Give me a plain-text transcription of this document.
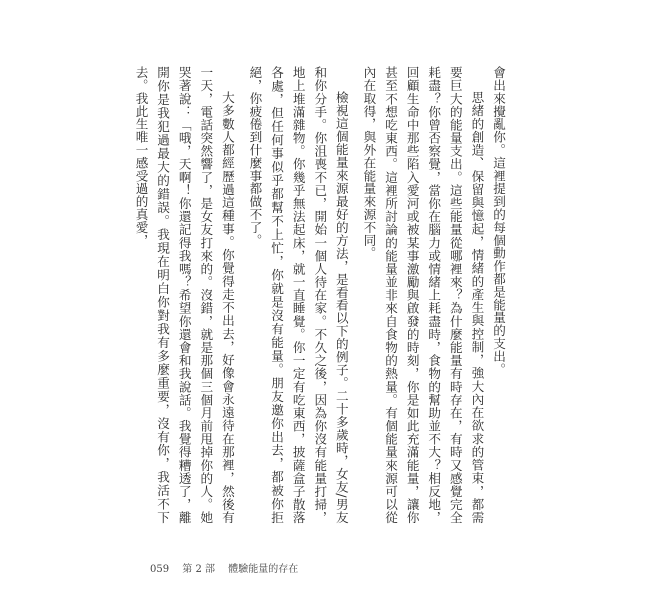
會出來攪亂你。這裡提到的每個動作都是能量的支出。

思緒的創造、保留與憶起，情緒的產生與控制，強大內在欲求的管束，都需要巨大的能量支出。這些能量從哪裡來？為什麼能量有時存在，有時又感覺完全耗盡？你曾否察覺，當你在腦力或情緒上耗盡時，食物的幫助並不大？相反地，回顧生命中那些陷入愛河或被某事激勵與啟發的時刻，你是如此充滿能量，讓你甚至不想吃東西。這裡所討論的能量並非來自食物的熱量。有個能量來源可以從內在取得，與外在能量來源不同。

檢視這個能量來源最好的方法，是看看以下的例子。二十多歲時，女友/男友和你分手。你沮喪不已，開始一個人待在家。不久之後，因為你沒有能量打掃，地上堆滿雜物。你幾乎無法起床，就一直睡覺。你一定有吃東西，披薩盒子散落各處，但任何事似乎都幫不上忙，你就是沒有能量。朋友邀你出去，都被你拒絕，你疲倦到什麼事都做不了。

大多數人都經歷過這種事。你覺得走不出去，好像會永遠待在那裡，然後有一天，電話突然響了，是女友打來的。沒錯，就是那個三個月前甩掉你的人。她哭著說：「哦，天啊！你還記得我嗎？希望你還會和我說話。我覺得糟透了，離開你是我犯過最大的錯誤。我現在明白你對我有多麼重要，沒有你，我活不下去。我此生唯一感受過的真愛，

059 第 2 部 體驗能量的存在
